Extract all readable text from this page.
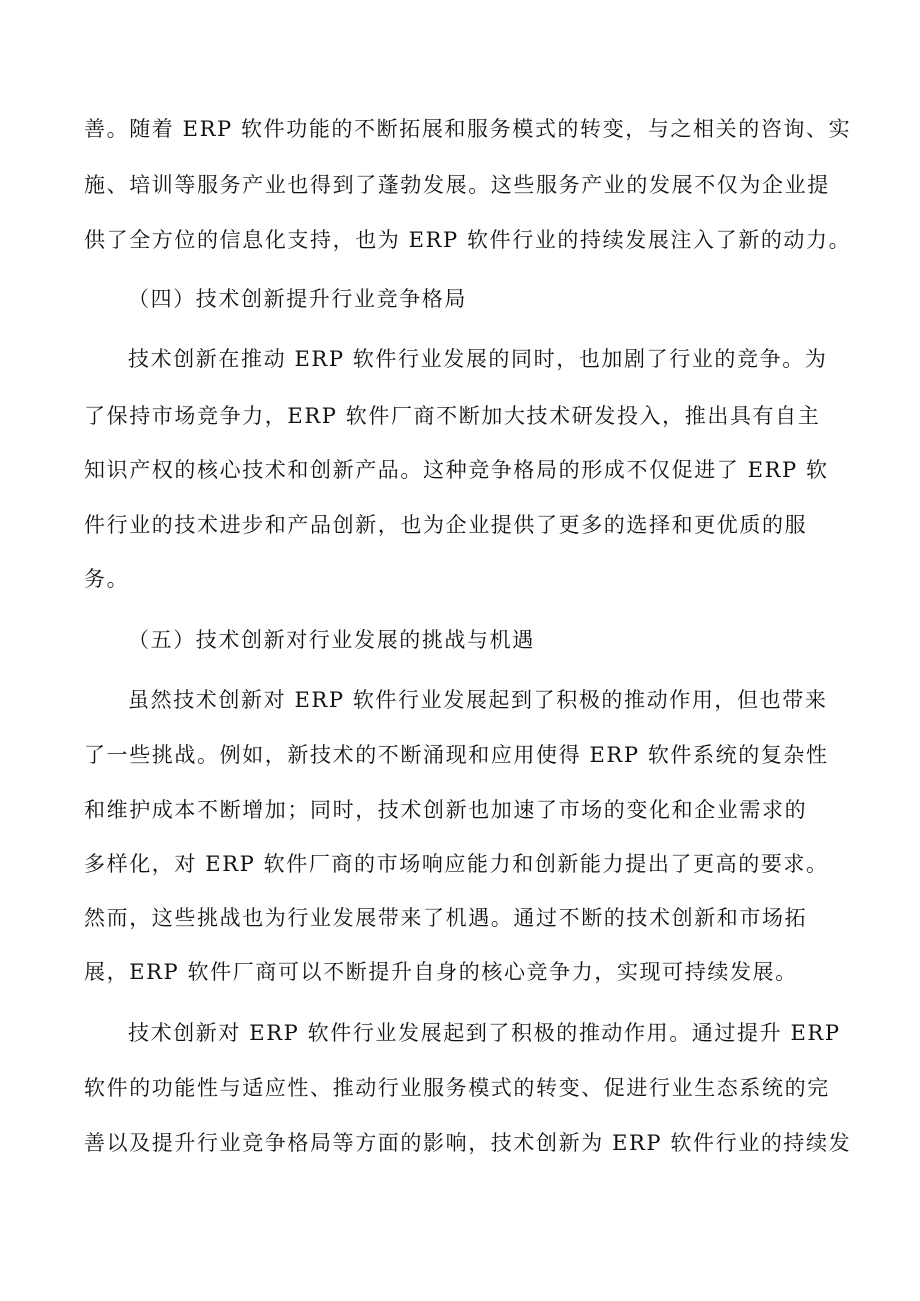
善。随着 ERP 软件功能的不断拓展和服务模式的转变，与之相关的咨询、实
施、培训等服务产业也得到了蓬勃发展。这些服务产业的发展不仅为企业提
供了全方位的信息化支持，也为 ERP 软件行业的持续发展注入了新的动力。
（四）技术创新提升行业竞争格局
技术创新在推动 ERP 软件行业发展的同时，也加剧了行业的竞争。为
了保持市场竞争力，ERP 软件厂商不断加大技术研发投入，推出具有自主
知识产权的核心技术和创新产品。这种竞争格局的形成不仅促进了 ERP 软
件行业的技术进步和产品创新，也为企业提供了更多的选择和更优质的服
务。
（五）技术创新对行业发展的挑战与机遇
虽然技术创新对 ERP 软件行业发展起到了积极的推动作用，但也带来
了一些挑战。例如，新技术的不断涌现和应用使得 ERP 软件系统的复杂性
和维护成本不断增加；同时，技术创新也加速了市场的变化和企业需求的
多样化，对 ERP 软件厂商的市场响应能力和创新能力提出了更高的要求。
然而，这些挑战也为行业发展带来了机遇。通过不断的技术创新和市场拓
展，ERP 软件厂商可以不断提升自身的核心竞争力，实现可持续发展。
技术创新对 ERP 软件行业发展起到了积极的推动作用。通过提升 ERP
软件的功能性与适应性、推动行业服务模式的转变、促进行业生态系统的完
善以及提升行业竞争格局等方面的影响，技术创新为 ERP 软件行业的持续发
